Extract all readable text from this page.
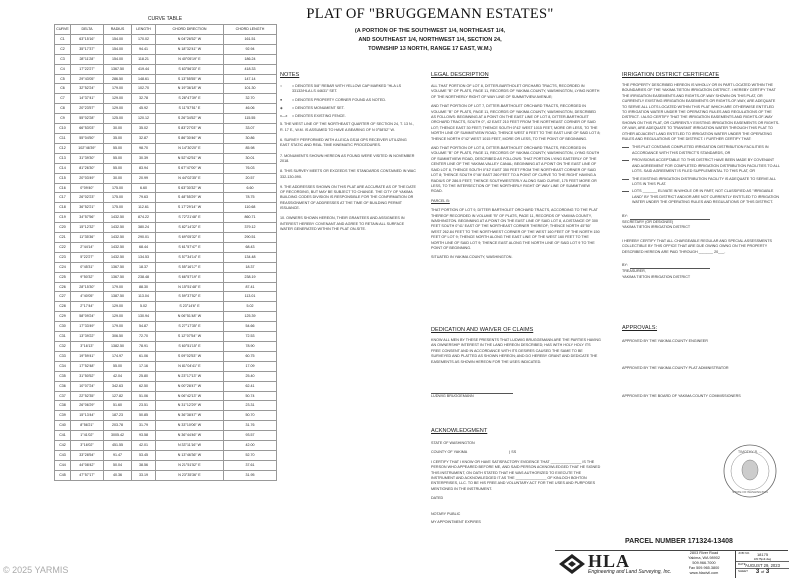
CURVE TABLE
CURVE	DELTA	RADIUS	LENGTH	CHORD DIRECTION	CHORD LENGTH
C1	63°15'16"	154.00	170.02	N 04°26'52" W	161.51
C2	35°17'37"	154.00	94.41	N 18°32'41" W	92.94
C3	28°11'28"	154.00	118.21	N 40°05'19" E	186.24
C4	17°22'27"	1367.50	419.44	S 63°56'33" E	418.33
C5	29°43'05"	286.50	148.61	S 13°55'55" W	147.14
C6	32°52'24"	179.00	102.70	N 19°36'18" W	101.30
C7	14°37'41"	129.00	32.78	S 28°47'39" E	32.70
C8	20°23'57"	129.00	45.92	S 11°57'51" E	46.06
C9	55°02'28"	125.00	120.12	S 26°34'52" W	115.55
C10	66°53'03"	30.00	35.02	S 83°27'03" W	33.07
C11	55°04'50"	35.00	32.87	S 86°30'46" W	30.86
C12	102°46'39"	55.00	98.70	N 14°30'20" E	85.98
C13	31°39'30"	55.00	30.39	N 52°42'51" W	30.01
C14	81°26'30"	55.00	83.94	S 67°47'00" W	76.03
C15	20°03'49"	30.00	20.99	N 44°02'35" E	20.57
C16	0°09'40"	175.00	6.60	S 63°30'32" W	6.60
C17	26°02'23"	175.00	79.63	S 48°55'29" W	78.75
C18	36°52'21"	175.00	112.61	S 17°29'14" W	110.68
C19	34°57'56"	1432.50	874.22	S 72°21'48" E	860.71
C20	15°12'32"	1432.50	380.24	S 82°14'32" E	379.12
C21	11°35'36"	1432.50	290.01	S 69°05'32" E	290.51
C22	2°44'14"	1432.50	68.44	S 61°57'47" E	68.43
C23	5°22'27"	1432.50	134.53	S 57°34'14" E	134.48
C24	0°45'31"	1367.50	18.37	S 55°16'17" E	18.37
C25	9°50'32"	1367.50	238.48	S 66°57'19" E	238.19
C26	28°15'30"	179.00	88.30	N 15°51'48" E	87.41
C27	4°40'05"	1387.50	113.04	S 59°37'52" E	113.01
C28	2°17'44"	129.00	5.02	S 23°14'6" E	5.02
C29	58°09'24"	129.00	130.94	N 06°51'48" W	125.39
C30	17°33'49"	179.00	54.87	S 27°17'35" E	54.66
C31	13°39'22"	306.50	72.70	S 12°07'54" W	72.53
C32	3°16'13"	1382.50	78.91	S 60°51'15" E	78.90
C33	19°59'41"	174.97	61.06	S 09°02'53" W	60.75
C34	17°52'48"	55.00	17.16	N 81°04'41" E	17.09
C35	31°50'52"	42.04	25.80	N 23°17'13" W	25.40
C36	10°07'24"	342.63	62.50	N 00°28'47" W	62.41
C37	22°52'35"	127.82	51.06	N 06°42'13" W	50.74
C38	26°06'29"	51.60	23.51	N 31°12'29" W	23.31
C39	15°13'44"	187.23	50.85	N 36°38'47" W	50.70
C40	8°56'21"	203.78	31.79	N 33°10'06" W	31.76
C41	1°41'02"	3005.42	93.58	N 36°44'46" W	93.57
C42	3°16'02"	451.55	42.01	N 33°11'16" W	42.00
C43	33°28'54"	91.47	53.45	N 13°46'36" W	52.70
C44	44°08'42"	50.04	38.56	N 21°51'52" E	37.61
C45	47°57'17"	40.36	33.19	N 23°35'36" E	31.95
PLAT OF "BRUGGEMANN ESTATES"
(A PORTION OF THE SOUTHWEST 1/4, NORTHEAST 1/4,
AND SOUTHEAST 1/4, NORTHWEST 1/4, SECTION 24,
TOWNSHIP 13 NORTH, RANGE 17 EAST, W.M.)
NOTES
○	= DENOTES 5/8" REBAR WITH YELLOW CAP MARKED "HLA LS 33132/HLA LS 44631" SET.
●	= DENOTES PROPERTY CORNER FOUND AS NOTED.
◈	= DENOTES MONUMENT SET.
x—x	= DENOTES EXISTING FENCE.
5. THE WEST LINE OF THE NORTHEAST QUARTER OF SECTION 24, T. 13 N., R. 17 E., W.M. IS ASSUMED TO HAVE A BEARING OF N 0°58'52" W.
6. SURVEY PERFORMED WITH A LEICA GS18 GPS RECEIVER UTILIZING EAST STATIC AND REAL TIME KINEMATIC PROCEDURES.
7. MONUMENTS SHOWN HEREON AS FOUND WERE VISITED IN NOVEMBER 2018.
8. THIS SURVEY MEETS OR EXCEEDS THE STANDARDS CONTAINED IN WAC 332-130-090.
9. THE ADDRESSES SHOWN ON THIS PLAT ARE ACCURATE AS OF THE DATE OF RECORDING, BUT MAY BE SUBJECT TO CHANGE. THE CITY OF YAKIMA BUILDING CODES DIVISION IS RESPONSIBLE FOR THE CONFIRMATION OR REASSIGNMENT OF ADDRESSES AT THE TIME OF BUILDING PERMIT ISSUANCE.
10. OWNERS SHOWN HEREON, THEIR GRANTEES AND ASSIGNEES IN INTEREST HEREBY COVENANT AND AGREE TO RETAIN ALL SURFACE WATER GENERATED WITHIN THE PLAT ON-SITE.
LEGAL DESCRIPTION
ALL THAT PORTION OF LOT 8, DITTER-BARTHOLET ORCHARD TRACTS, RECORDED IN VOLUME "B" OF PLATS, PAGE 11, RECORDS OF YAKIMA COUNTY, WASHINGTON, LYING NORTH OF THE NORTHERLY RIGHT OF WAY LINE OF SUMMITVIEW AVENUE;
AND THAT PORTION OF LOT 7, DITTER-BARTHOLET ORCHARD TRACTS, RECORDED IN VOLUME "B" OF PLATS, PAGE 11, RECORDS OF YAKIMA COUNTY, WASHINGTON, DESCRIBED AS FOLLOWS: BEGINNING AT A POINT ON THE EAST LINE OF LOT 8, DITTER-BARTHOLET ORCHARD TRACTS, SOUTH 0°, 42 EAST 210 FEET FROM THE NORTHEAST CORNER OF SAID LOT; THENCE EAST 30 FEET; THENCE SOUTH 0°42' WEST 1015 FEET, MORE OR LESS, TO THE NORTH LINE OF SUMMITVIEW ROAD; THENCE WEST 8 FEET TO THE EAST LINE OF SAID LOT 8; THENCE NORTH 0°42' WEST 1015 FEET, MORE OR LESS, TO THE POINT OF BEGINNING.
AND THAT PORTION OF LOT 8, DITTER-BARTHOLET ORCHARD TRACTS, RECORDED IN VOLUME "B" OF PLATS, PAGE 11, RECORDS OF YAKIMA COUNTY, WASHINGTON, LYING SOUTH OF SUMMITVIEW ROAD, DESCRIBED AS FOLLOWS: THAT PORTION LYING EASTERLY OF THE CENTER LINE OF THE YAKIMA VALLEY CANAL; BEGINNING AT A POINT ON THE EAST LINE OF SAID LOT 8, THENCE SOUTH 0°42' EAST 350 FEET FROM THE NORTHEAST CORNER OF SAID LOT 8; THENCE SOUTH 0°46' EAST 260 FEET TO A POINT OF CURVE TO THE RIGHT HAVING A RADIUS OF 286.5 FEET; THENCE SOUTHWESTERLY ALONG SAID CURVE, 175 FEET MORE OR LESS, TO THE INTERSECTION OF THE NORTHERLY RIGHT OF WAY LINE OF SUMMITVIEW ROAD.
PARCEL B:
THAT PORTION OF LOT 9, DITTER BARTHOLET ORCHARD TRACTS, ACCORDING TO THE PLAT THEREOF RECORDED IN VOLUME "B" OF PLATS, PAGE 11, RECORDS OF YAKIMA COUNTY, WASHINGTON. BEGINNING AT A POINT ON THE EAST LINE OF SAID LOT 8, A DISTANCE OF 300 FEET SOUTH 0°41' EAST OF THE NORTHEAST CORNER THEREOF; THENCE NORTH 45°50' WEST 262.84 FEET TO THE NORTHWEST CORNER OF THE WEST 160 FEET OF THE NORTH 150 FEET OF LOT 9; THENCE NORTH ALONG THE EAST LINE OF THE WEST 160 FEET TO THE NORTH LINE OF SAID LOT 9; THENCE EAST ALONG THE NORTH LINE OF SAID LOT 9 TO THE POINT OF BEGINNING.
SITUATED IN YAKIMA COUNTY, WASHINGTON.
DEDICATION AND WAIVER OF CLAIMS
KNOW ALL MEN BY THESE PRESENTS THAT LUDWIG BRUGGEMANN ARE THE PARTIES HAVING AN OWNERSHIP INTEREST IN THE LAND HEREON DESCRIBED; HAS WITH HOLY HOLY ITS FREE CONSENT AND IN ACCORDANCE WITH ITS DESIRES CAUSED THE SAME TO BE SURVEYED AND PLATTED AS SHOWN HEREON; AND DO HEREBY GRANT AND DEDICATE THE EASEMENTS AS SHOWN HEREON FOR THE USES INDICATED.
LUDWIG BRUGGEMANN
ACKNOWLEDGMENT
STATE OF WASHINGTON
) SS
COUNTY OF YAKIMA
I CERTIFY THAT I KNOW OR HAVE SATISFACTORY EVIDENCE THAT _______________ IS THE PERSON WHO APPEARED BEFORE ME, AND SAID PERSON ACKNOWLEDGED THAT HE SIGNED THIS INSTRUMENT, ON OATH STATED THAT HE WAS AUTHORIZED TO EXECUTE THE INSTRUMENT AND ACKNOWLEDGED IT AS THE _______________ OF KINLOCH BOHTON ENTERPRISES, LLC. TO BE HIS FREE AND VOLUNTARY ACT FOR THE USES AND PURPOSES MENTIONED IN THE INSTRUMENT.
DATED
NOTARY PUBLIC
MY APPOINTMENT EXPIRES
IRRIGATION DISTRICT CERTIFICATE
THE PROPERTY DESCRIBED HEREON IS WHOLLY OR IN PART LOCATED WITHIN THE BOUNDARIES OF THE YAKIMA TIETON IRRIGATION DISTRICT. I HEREBY CERTIFY THAT THE IRRIGATION EASEMENTS AND RIGHTS-OF-WAY SHOWN ON THIS PLAT, OR CURRENTLY EXISTING IRRIGATION EASEMENTS OR RIGHTS-OF-WAY, ARE ADEQUATE TO SERVE ALL LOTS LOCATED WITHIN THIS PLAT WHICH ARE OTHERWISE ENTITLED TO IRRIGATION WATER UNDER THE OPERATING RULES AND REGULATIONS OF THE DISTRICT. I ALSO CERTIFY THAT THE IRRIGATION EASEMENTS AND RIGHTS-OF-WAY SHOWN ON THIS PLAT, OR CURRENTLY EXISTING IRRIGATION EASEMENTS OR RIGHTS-OF-WAY, ARE ADEQUATE TO TRANSMIT IRRIGATION WATER THROUGH THIS PLAT TO OTHER ADJACENT LAND ENTITLED TO IRRIGATION WATER UNDER THE OPERATING RULES AND REGULATIONS OF THE DISTRICT. I FURTHER CERTIFY THAT:
THIS PLAT CONTAINS COMPLETED IRRIGATION DISTRIBUTION FACILITIES IN ACCORDANCE WITH THIS DISTRICT'S STANDARDS, OR
PROVISIONS ACCEPTABLE TO THIS DISTRICT HAVE BEEN MADE BY COVENANT AND AGREEMENT FOR COMPLETED IRRIGATION DISTRIBUTION FACILITIES TO ALL LOTS. SAID AGREEMENT IS FILED SUPPLEMENTAL TO THIS PLAT, OR
THE EXISTING IRRIGATION DISTRIBUTION FACILITY IS ADEQUATE TO SERVE ALL LOTS IN THIS PLAT.
LOTS _______ ELIVATE IN WHOLE OR IN PART, NOT CLASSIFIED AS "IRRIGABLE LAND" BY THIS DISTRICT AND/OR ARE NOT CURRENTLY ENTITLED TO IRRIGATION WATER UNDER THE OPERATING RULES AND REGULATIONS OF THIS DISTRICT.
BY:
SECRETARY (OR DESIGNEE)
YAKIMA TIETON IRRIGATION DISTRICT
I HEREBY CERTIFY THAT ALL CHARGEABLE REGULAR AND SPECIAL ASSESSMENTS COLLECTIBLE BY THIS OFFICE THAT ARE DUE OWING OWNG ON THE PROPERTY DESCRIBED HEREON ARE PAID THROUGH _______ 20___.
BY:
TREASURER,
YAKIMA TIETON IRRIGATION DISTRICT
APPROVALS:
APPROVED BY THE YAKIMA COUNTY ENGINEER
APPROVED BY THE YAKIMA COUNTY PLAT ADMINISTRATOR
APPROVED BY THE BOARD OF YAKIMA COUNTY COMMISSIONERS
TIMOTHY R. ...
STATE OF WASHINGTON
PARCEL NUMBER 171324-13408
HLA
Engineering and Land Surveying, Inc.
2803 River Road
Yakima, WA 98902
509.966.7000
Fax 509.965.3800
www.hlacivil.com
JOB NO.	18175
18175pdl.dwg
DATE AUGUST 29, 2023
SHEET	3 of 3
© 2025 YARMIS
